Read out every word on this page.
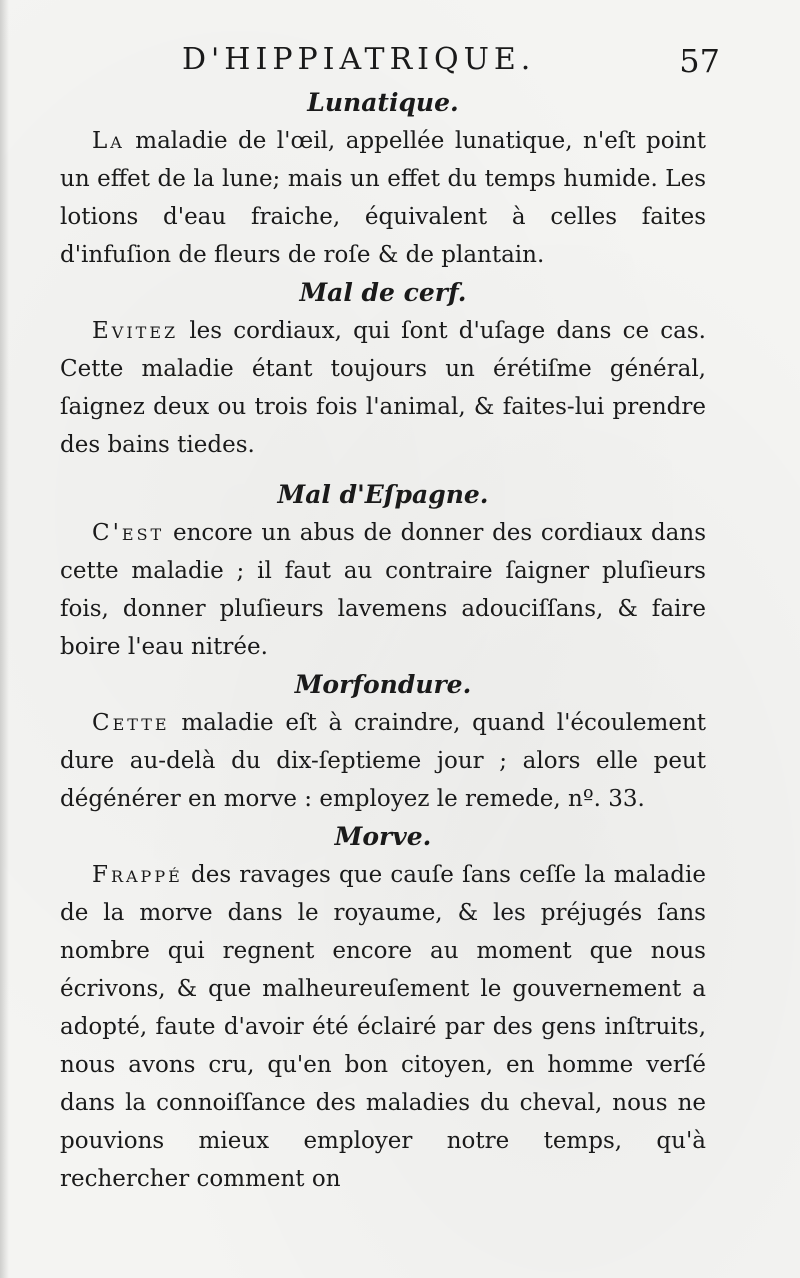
D'HIPPIATRIQUE.	57
Lunatique.

La maladie de l'œil, appellée lunatique, n'eſt point un effet de la lune; mais un effet du temps humide. Les lotions d'eau fraiche, équivalent à celles faites d'infuſion de fleurs de roſe & de plantain.

Mal de cerf.

Evitez les cordiaux, qui ſont d'uſage dans ce cas. Cette maladie étant toujours un érétiſme général, ſaignez deux ou trois fois l'animal, & faites-lui prendre des bains tiedes.

Mal d'Eſpagne.

C'est encore un abus de donner des cordiaux dans cette maladie ; il faut au contraire ſaigner pluſieurs fois, donner pluſieurs lavemens adouciſſans, & faire boire l'eau nitrée.

Morfondure.

Cette maladie eſt à craindre, quand l'écoulement dure au-delà du dix-ſeptieme jour ; alors elle peut dégénérer en morve : employez le remede, nº. 33.

Morve.

Frappé des ravages que cauſe ſans ceſſe la maladie de la morve dans le royaume, & les préjugés ſans nombre qui regnent encore au moment que nous écrivons, & que malheureuſement le gouvernement a adopté, faute d'avoir été éclairé par des gens inſtruits, nous avons cru, qu'en bon citoyen, en homme verſé dans la connoiſſance des maladies du cheval, nous ne pouvions mieux employer notre temps, qu'à rechercher comment on
